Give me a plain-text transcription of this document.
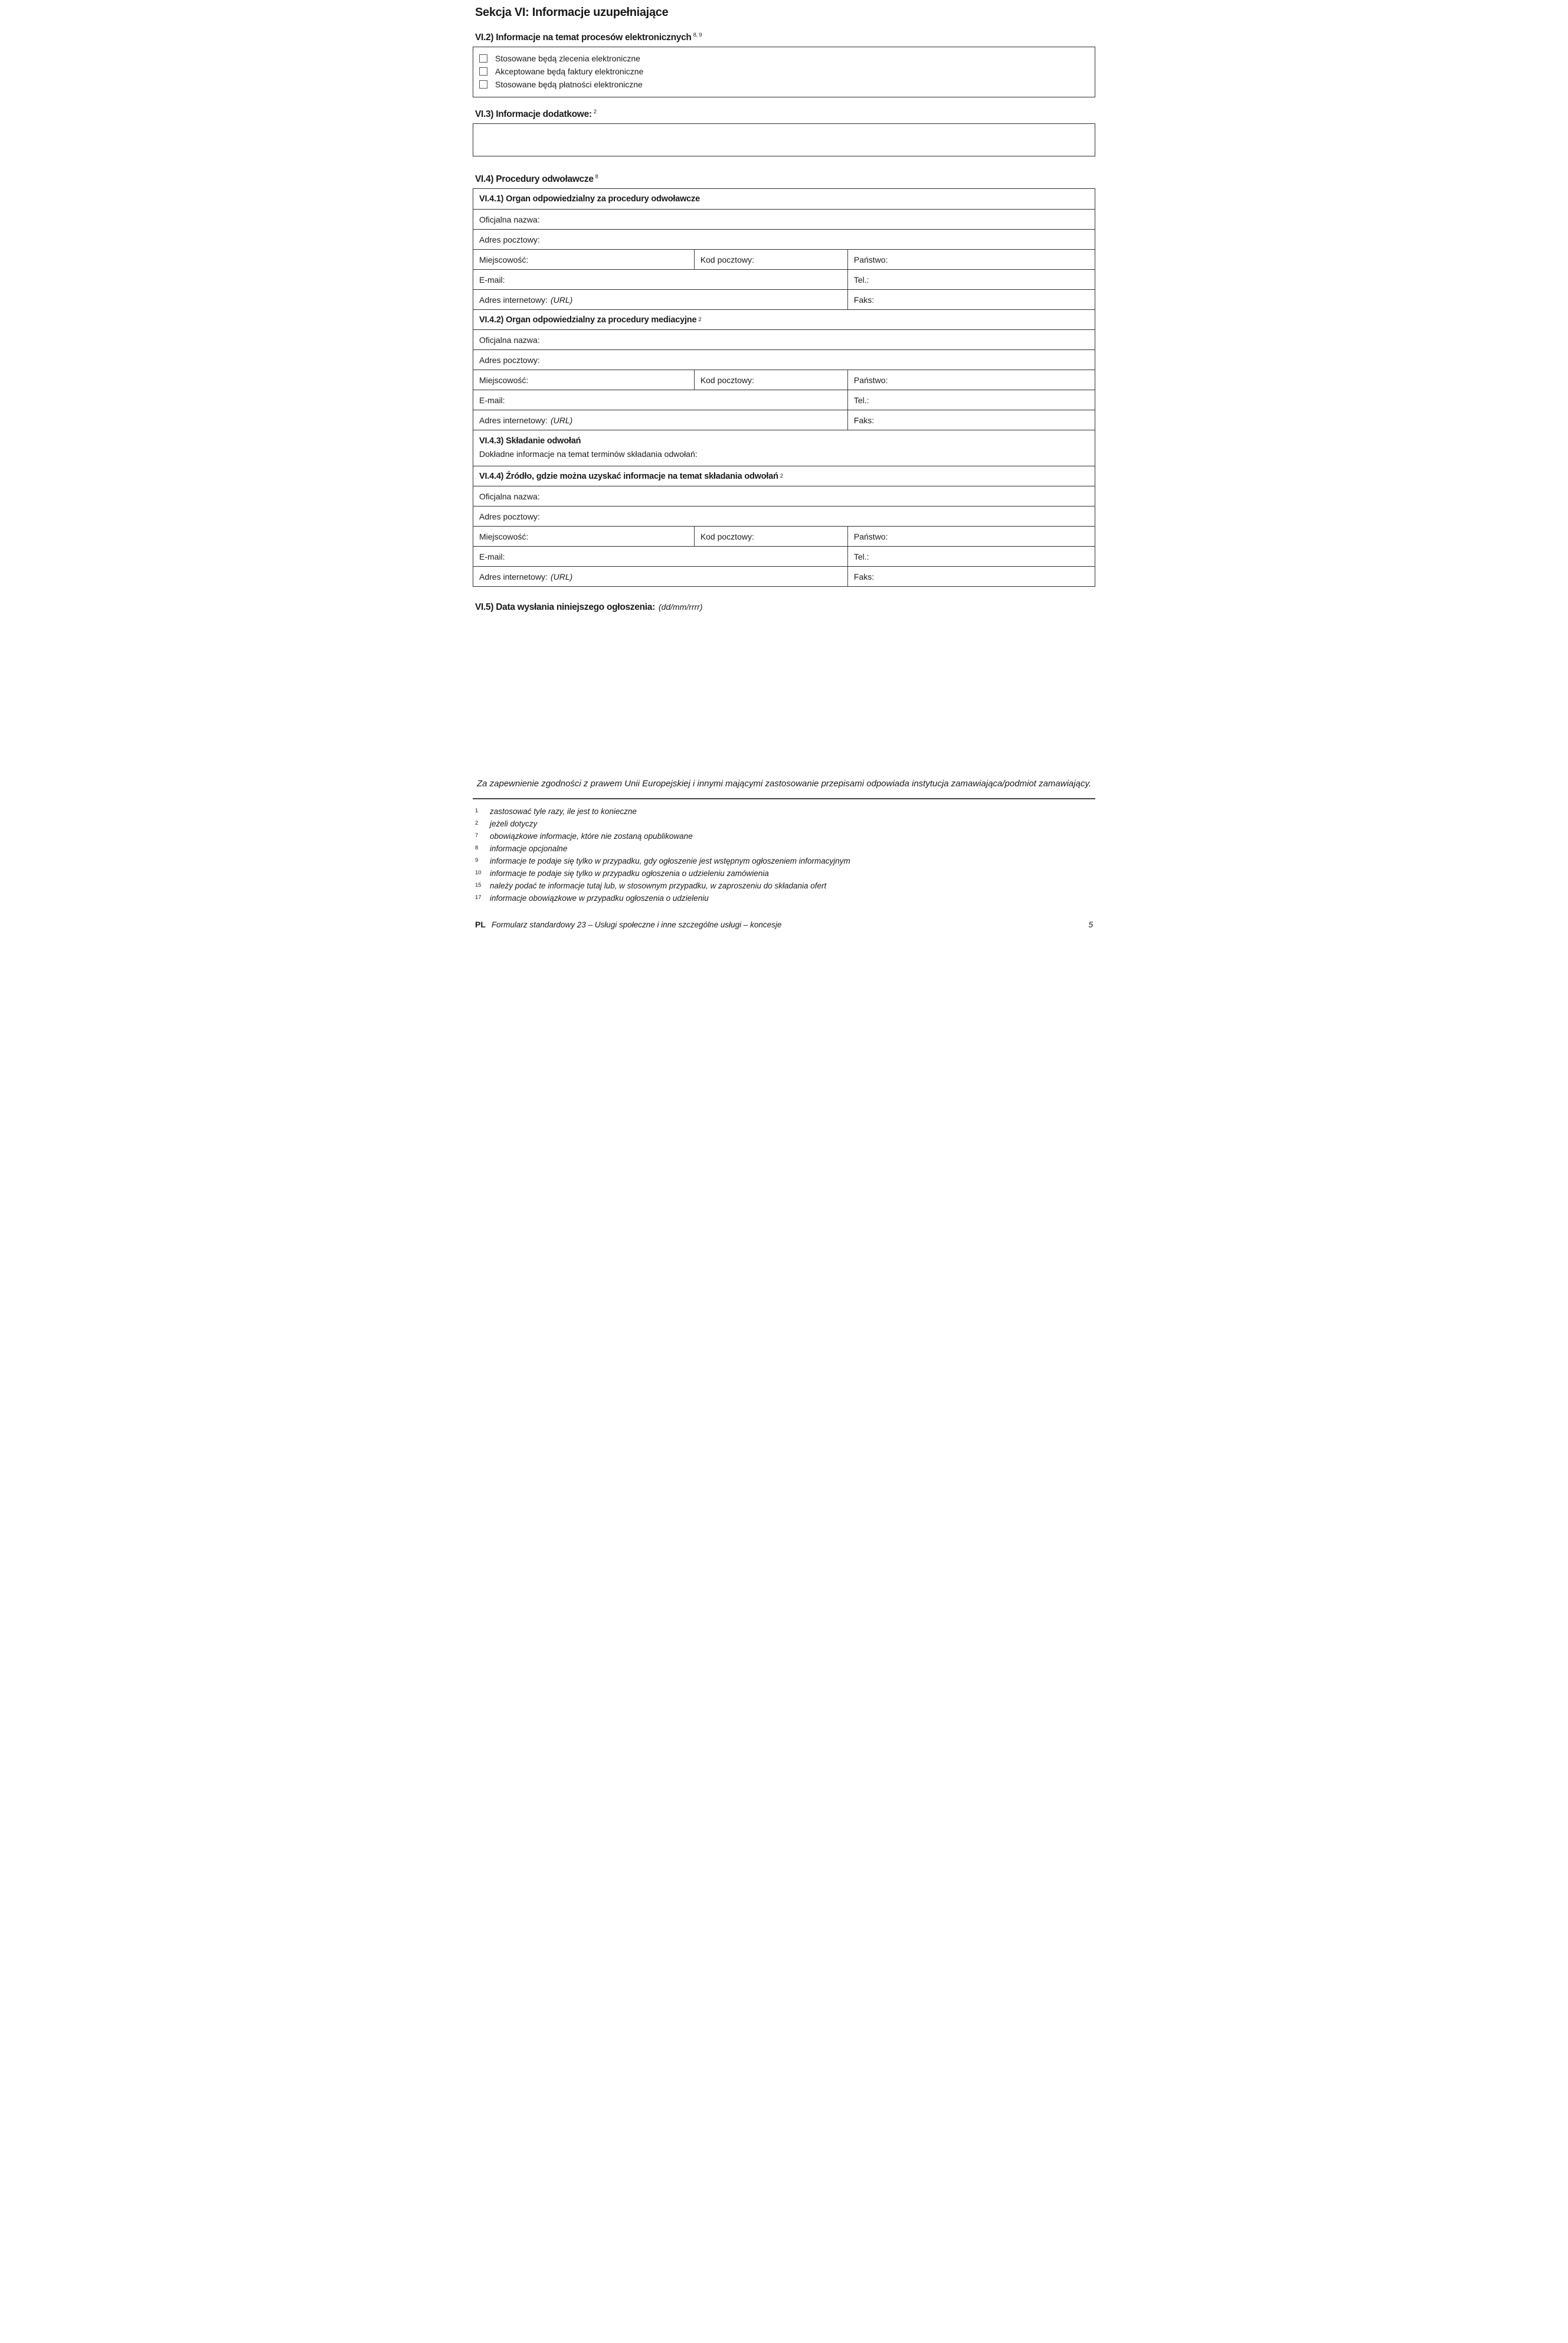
Sekcja VI: Informacje uzupełniające
VI.2) Informacje na temat procesów elektronicznych $^{8, 9}$
Stosowane będą zlecenia elektroniczne
Akceptowane będą faktury elektroniczne
Stosowane będą płatności elektroniczne
VI.3) Informacje dodatkowe: $^2$
VI.4) Procedury odwoławcze $^8$
VI.4.1) Organ odpowiedzialny za procedury odwoławcze
Oficjalna nazwa:
Adres pocztowy:
Miejscowość:	Kod pocztowy:	Państwo:
E-mail:	Tel.:
Adres internetowy: (URL)	Faks:
VI.4.2) Organ odpowiedzialny za procedury mediacyjne 2
Oficjalna nazwa:
Adres pocztowy:
Miejscowość:	Kod pocztowy:	Państwo:
E-mail:	Tel.:
Adres internetowy: (URL)	Faks:
VI.4.3) Składanie odwołań
Dokładne informacje na temat terminów składania odwołań:
VI.4.4) Źródło, gdzie można uzyskać informacje na temat składania odwołań 2
Oficjalna nazwa:
Adres pocztowy:
Miejscowość:	Kod pocztowy:	Państwo:
E-mail:	Tel.:
Adres internetowy: (URL)	Faks:
VI.5) Data wysłania niniejszego ogłoszenia: (dd/mm/rrrr)
Za zapewnienie zgodności z prawem Unii Europejskiej i innymi mającymi zastosowanie przepisami odpowiada instytucja zamawiająca/podmiot zamawiający.
1 zastosować tyle razy, ile jest to konieczne
2 jeżeli dotyczy
7 obowiązkowe informacje, które nie zostaną opublikowane
8 informacje opcjonalne
9 informacje te podaje się tylko w przypadku, gdy ogłoszenie jest wstępnym ogłoszeniem informacyjnym
10 informacje te podaje się tylko w przypadku ogłoszenia o udzieleniu zamówienia
15 należy podać te informacje tutaj lub, w stosownym przypadku, w zaproszeniu do składania ofert
17 informacje obowiązkowe w przypadku ogłoszenia o udzieleniu
PL Formularz standardowy 23 – Usługi społeczne i inne szczególne usługi – koncesje	5
